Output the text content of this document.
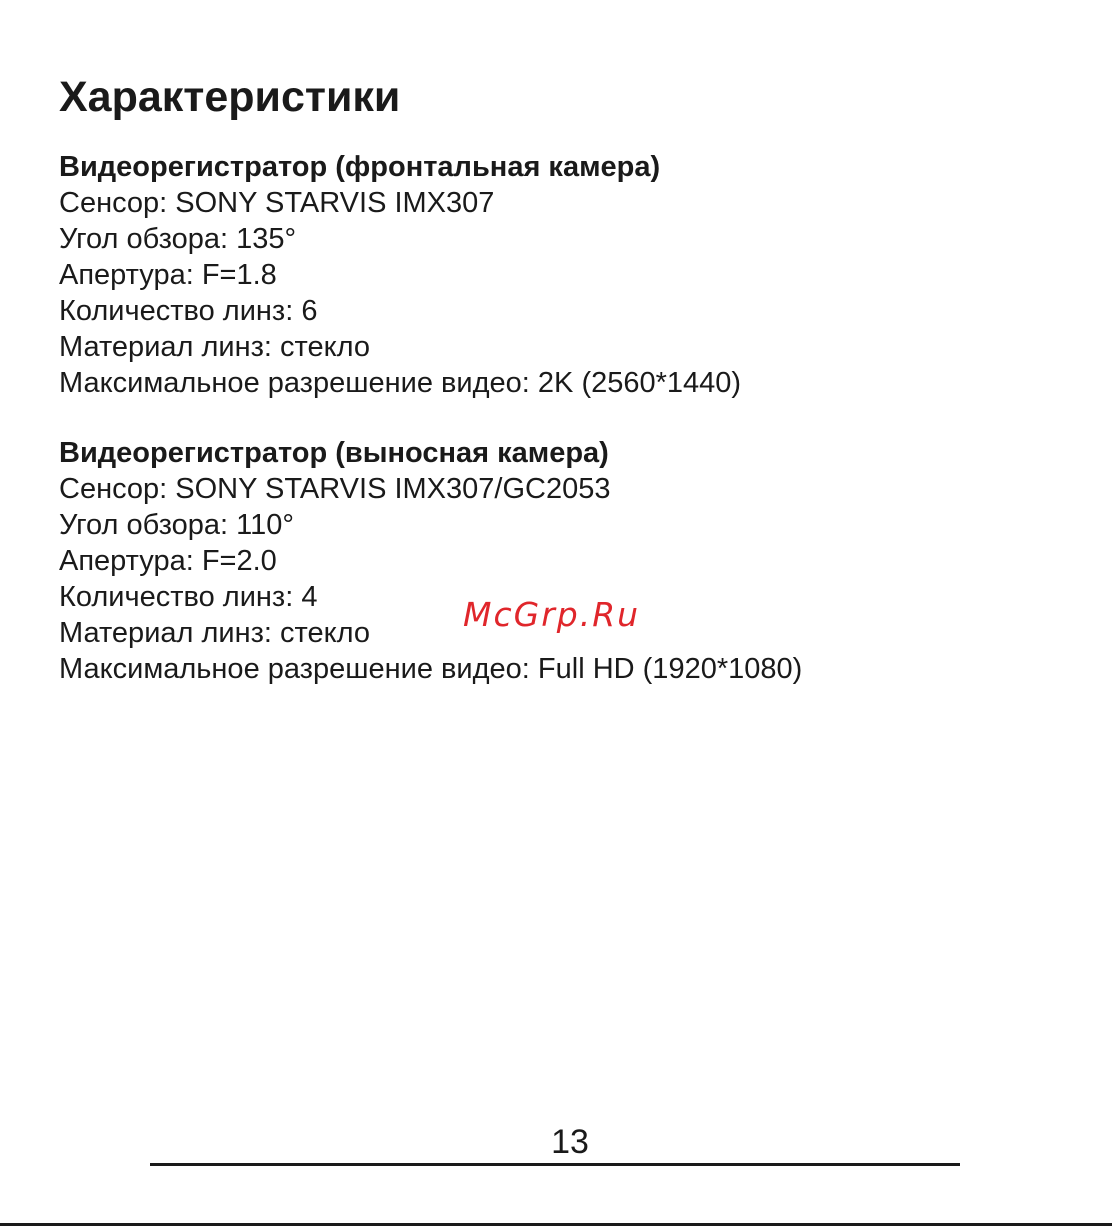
Характеристики
Видеорегистратор (фронтальная камера)
Сенсор: SONY STARVIS IMX307
Угол обзора: 135°
Апертура: F=1.8
Количество линз: 6
Материал линз: стекло
Максимальное разрешение видео: 2K (2560*1440)
Видеорегистратор (выносная камера)
Сенсор: SONY STARVIS IMX307/GC2053
Угол обзора: 110°
Апертура: F=2.0
Количество линз: 4
Материал линз: стекло
Максимальное разрешение видео: Full HD (1920*1080)
McGrp.Ru
13
